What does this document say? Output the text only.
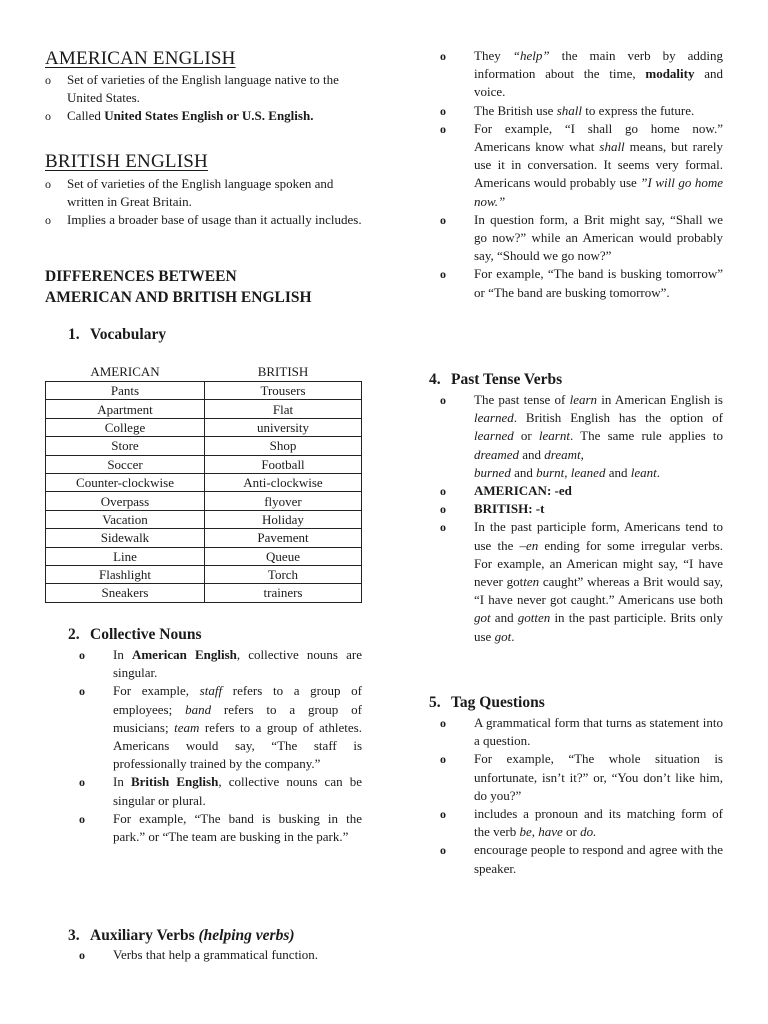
AMERICAN ENGLISH
o Set of varieties of the English language native to the United States.
o Called United States English or U.S. English.
BRITISH ENGLISH
o Set of varieties of the English language spoken and written in Great Britain.
o Implies a broader base of usage than it actually includes.
DIFFERENCES BETWEEN
AMERICAN AND BRITISH ENGLISH
1. Vocabulary
AMERICAN	BRITISH
Pants	Trousers
Apartment	Flat
College	university
Store	Shop
Soccer	Football
Counter-clockwise	Anti-clockwise
Overpass	flyover
Vacation	Holiday
Sidewalk	Pavement
Line	Queue
Flashlight	Torch
Sneakers	trainers
2. Collective Nouns
o In American English, collective nouns are singular.
o For example, staff refers to a group of employees; band refers to a group of musicians; team refers to a group of athletes. Americans would say, “The staff is professionally trained by the company.”
o In British English, collective nouns can be singular or plural.
o For example, “The band is busking in the park.” or “The team are busking in the park.”
3. Auxiliary Verbs (helping verbs)
o Verbs that help a grammatical function.
o They “help” the main verb by adding information about the time, modality and voice.
o The British use shall to express the future.
o For example, “I shall go home now.” Americans know what shall means, but rarely use it in conversation. It seems very formal. Americans would probably use ”I will go home now.”
o In question form, a Brit might say, “Shall we go now?” while an American would probably say, “Should we go now?”
o For example, “The band is busking tomorrow” or “The band are busking tomorrow”.
4. Past Tense Verbs
o The past tense of learn in American English is learned. British English has the option of learned or learnt. The same rule applies to dreamed and dreamt,
burned and burnt, leaned and leant.
o AMERICAN: -ed
o BRITISH: -t
o In the past participle form, Americans tend to use the –en ending for some irregular verbs. For example, an American might say, “I have never gotten caught” whereas a Brit would say, “I have never got caught.” Americans use both got and gotten in the past participle. Brits only use got.
5. Tag Questions
o A grammatical form that turns as statement into a question.
o For example, “The whole situation is unfortunate, isn’t it?” or, “You don’t like him, do you?”
o includes a pronoun and its matching form of the verb be, have or do.
o encourage people to respond and agree with the speaker.
